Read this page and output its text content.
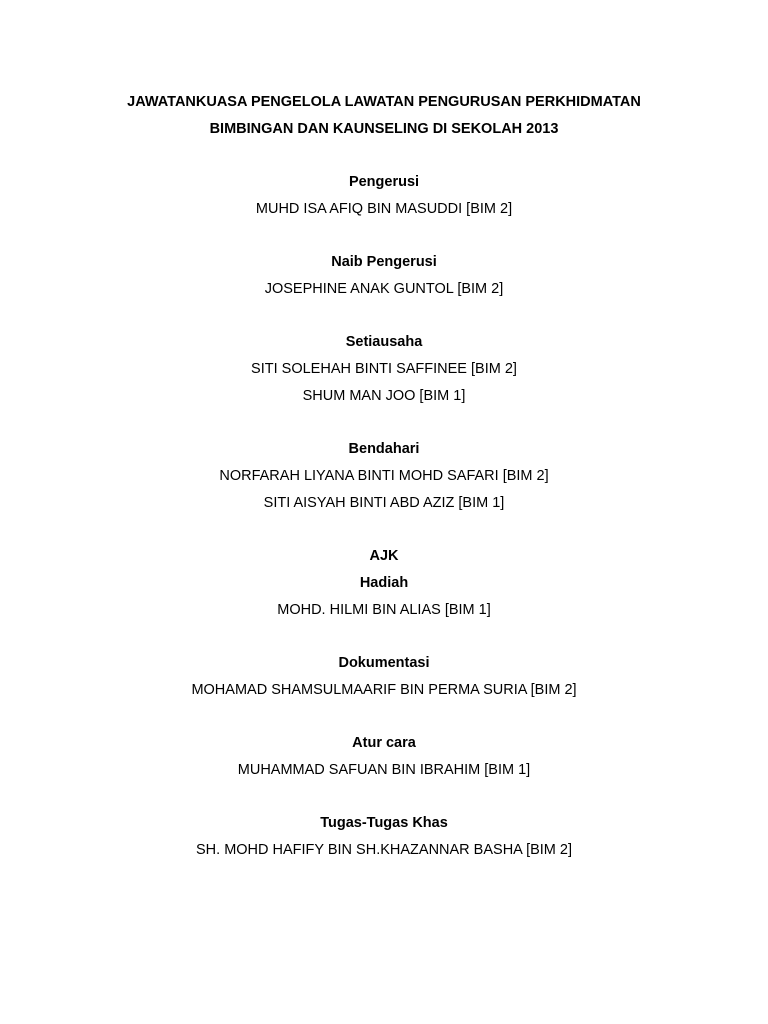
JAWATANKUASA PENGELOLA LAWATAN PENGURUSAN PERKHIDMATAN
BIMBINGAN DAN KAUNSELING DI SEKOLAH 2013
Pengerusi
MUHD ISA AFIQ BIN MASUDDI [BIM 2]
Naib Pengerusi
JOSEPHINE ANAK GUNTOL [BIM 2]
Setiausaha
SITI SOLEHAH BINTI SAFFINEE [BIM 2]
SHUM MAN JOO [BIM 1]
Bendahari
NORFARAH LIYANA BINTI MOHD SAFARI [BIM 2]
SITI AISYAH BINTI ABD AZIZ [BIM 1]
AJK
Hadiah
MOHD. HILMI BIN ALIAS [BIM 1]
Dokumentasi
MOHAMAD SHAMSULMAARIF BIN PERMA SURIA [BIM 2]
Atur cara
MUHAMMAD SAFUAN BIN IBRAHIM [BIM 1]
Tugas-Tugas Khas
SH. MOHD HAFIFY BIN SH.KHAZANNAR BASHA [BIM 2]
